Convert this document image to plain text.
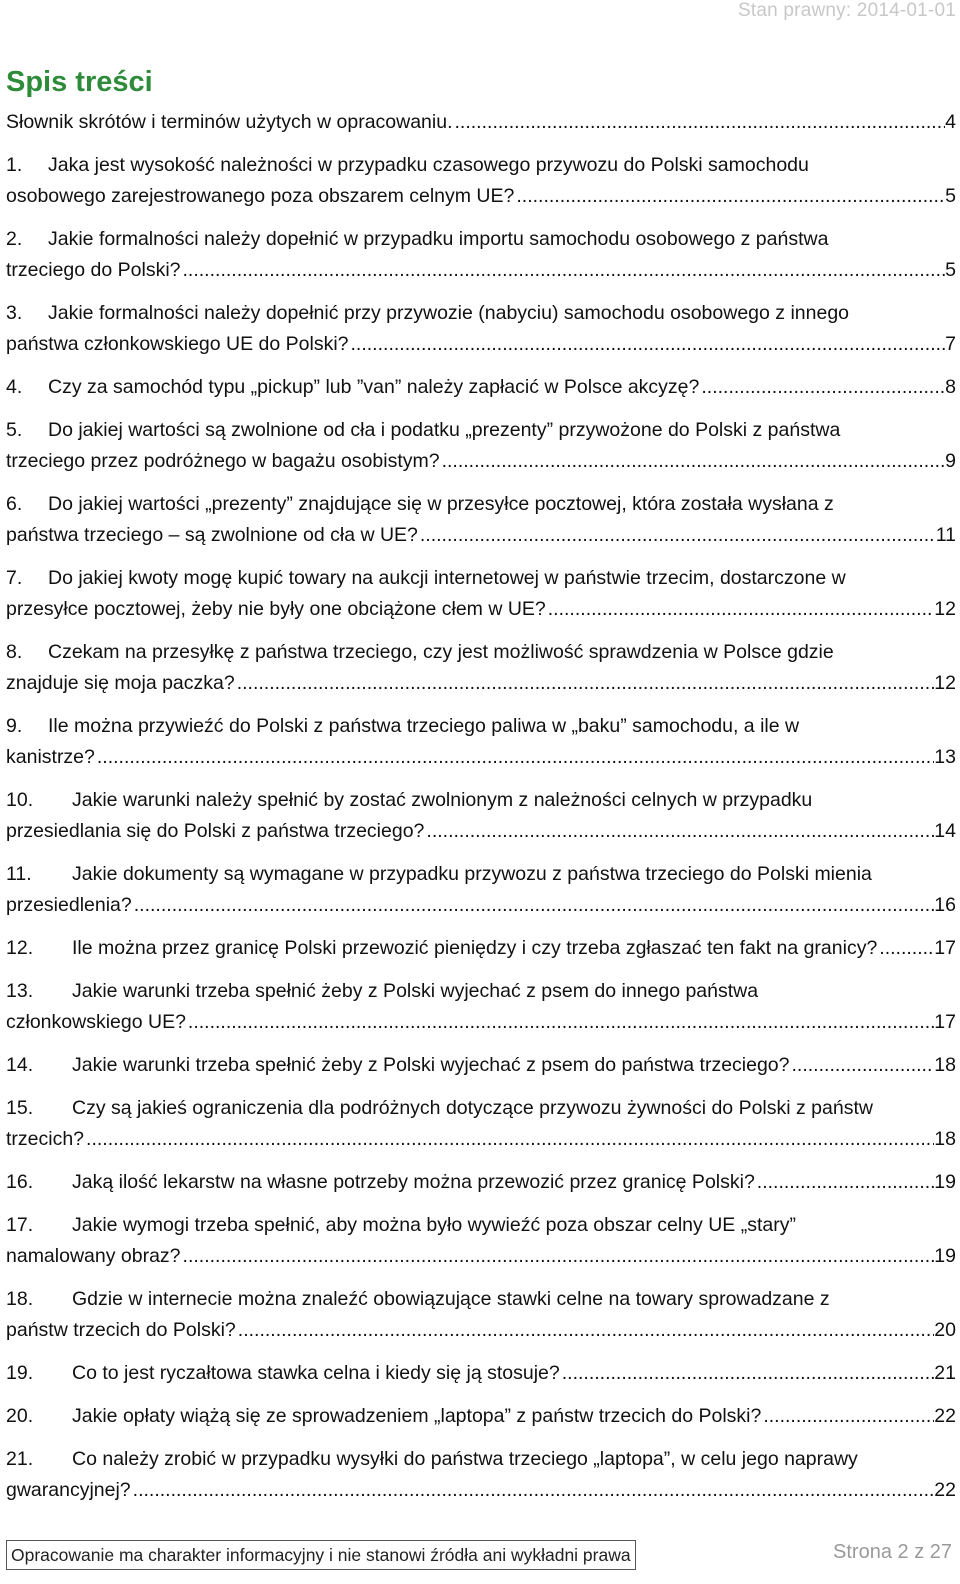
Stan prawny: 2014-01-01
Spis treści
Słownik skrótów i terminów użytych w opracowaniu. .....	4
1. Jaka jest wysokość należności w przypadku czasowego przywozu do Polski samochodu
osobowego zarejestrowanego poza obszarem celnym UE? .....	5
2. Jakie formalności należy dopełnić w przypadku importu samochodu osobowego z państwa
trzeciego do Polski? .....	5
3. Jakie formalności należy dopełnić przy przywozie (nabyciu) samochodu osobowego z innego
państwa członkowskiego UE do Polski? .....	7
4. Czy za samochód typu „pickup” lub ”van” należy zapłacić w Polsce akcyzę? .....	8
5. Do jakiej wartości są zwolnione od cła i podatku „prezenty” przywożone do Polski z państwa
trzeciego przez podróżnego w bagażu osobistym? .....	9
6. Do jakiej wartości „prezenty” znajdujące się w przesyłce pocztowej, która została wysłana z
państwa trzeciego – są zwolnione od cła w UE? .....	11
7. Do jakiej kwoty mogę kupić towary na aukcji internetowej w państwie trzecim, dostarczone w
przesyłce pocztowej, żeby nie były one obciążone cłem w UE? .....	12
8. Czekam na przesyłkę z państwa trzeciego, czy jest możliwość sprawdzenia w Polsce gdzie
znajduje się moja paczka? .....	12
9. Ile można przywieźć do Polski z państwa trzeciego paliwa w „baku” samochodu, a ile w
kanistrze? .....	13
10. Jakie warunki należy spełnić by zostać zwolnionym z należności celnych w przypadku
przesiedlania się do Polski z państwa trzeciego? .....	14
11. Jakie dokumenty są wymagane w przypadku przywozu z państwa trzeciego do Polski mienia
przesiedlenia? .....	16
12. Ile można przez granicę Polski przewozić pieniędzy i czy trzeba zgłaszać ten fakt na granicy? .....	17
13. Jakie warunki trzeba spełnić żeby z Polski wyjechać z psem do innego państwa
członkowskiego UE? .....	17
14. Jakie warunki trzeba spełnić żeby z Polski wyjechać z psem do państwa trzeciego? .....	18
15. Czy są jakieś ograniczenia dla podróżnych dotyczące przywozu żywności do Polski z państw
trzecich? .....	18
16. Jaką ilość lekarstw na własne potrzeby można przewozić przez granicę Polski? .....	19
17. Jakie wymogi trzeba spełnić, aby można było wywieźć poza obszar celny UE „stary”
namalowany obraz? .....	19
18. Gdzie w internecie można znaleźć obowiązujące stawki celne na towary sprowadzane z
państw trzecich do Polski? .....	20
19. Co to jest ryczałtowa stawka celna i kiedy się ją stosuje? .....	21
20. Jakie opłaty wiążą się ze sprowadzeniem „laptopa” z państw trzecich do Polski? .....	22
21. Co należy zrobić w przypadku wysyłki do państwa trzeciego „laptopa”, w celu jego naprawy
gwarancyjnej? .....	22
Opracowanie ma charakter informacyjny i nie stanowi źródła ani wykładni prawa	Strona 2 z 27
